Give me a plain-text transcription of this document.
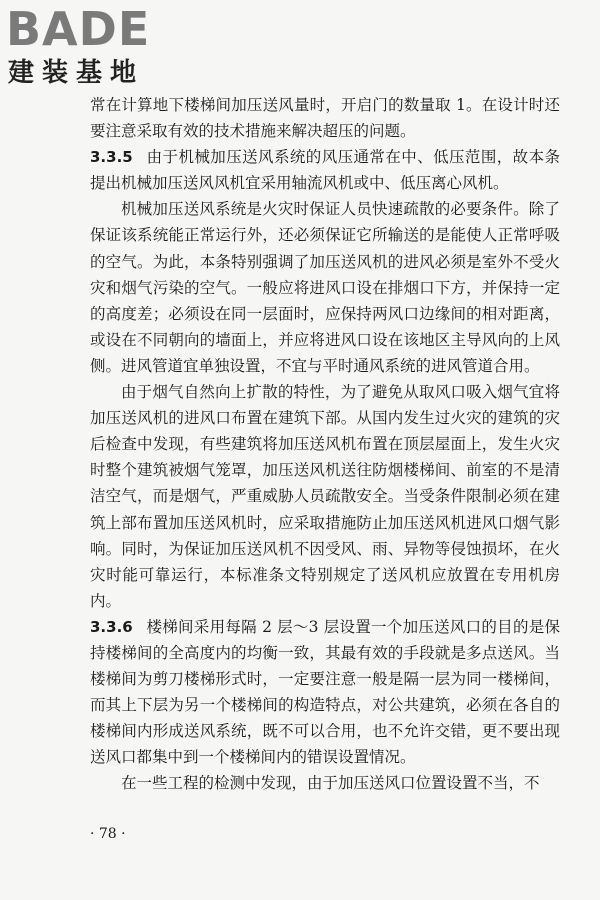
BADE
建装基地

常在计算地下楼梯间加压送风量时，开启门的数量取 1。在设计时还要注意采取有效的技术措施来解决超压的问题。

3.3.5 由于机械加压送风系统的风压通常在中、低压范围，故本条提出机械加压送风风机宜采用轴流风机或中、低压离心风机。

机械加压送风系统是火灾时保证人员快速疏散的必要条件。除了保证该系统能正常运行外，还必须保证它所输送的是能使人正常呼吸的空气。为此，本条特别强调了加压送风机的进风必须是室外不受火灾和烟气污染的空气。一般应将进风口设在排烟口下方，并保持一定的高度差；必须设在同一层面时，应保持两风口边缘间的相对距离，或设在不同朝向的墙面上，并应将进风口设在该地区主导风向的上风侧。进风管道宜单独设置，不宜与平时通风系统的进风管道合用。

由于烟气自然向上扩散的特性，为了避免从取风口吸入烟气宜将加压送风机的进风口布置在建筑下部。从国内发生过火灾的建筑的灾后检查中发现，有些建筑将加压送风机布置在顶层屋面上，发生火灾时整个建筑被烟气笼罩，加压送风机送往防烟楼梯间、前室的不是清洁空气，而是烟气，严重威胁人员疏散安全。当受条件限制必须在建筑上部布置加压送风机时，应采取措施防止加压送风机进风口烟气影响。同时，为保证加压送风机不因受风、雨、异物等侵蚀损坏，在火灾时能可靠运行，本标准条文特别规定了送风机应放置在专用机房内。

3.3.6 楼梯间采用每隔 2 层～3 层设置一个加压送风口的目的是保持楼梯间的全高度内的均衡一致，其最有效的手段就是多点送风。当楼梯间为剪刀楼梯形式时，一定要注意一般是隔一层为同一楼梯间，而其上下层为另一个楼梯间的构造特点，对公共建筑，必须在各自的楼梯间内形成送风系统，既不可以合用，也不允许交错，更不要出现送风口都集中到一个楼梯间内的错误设置情况。

在一些工程的检测中发现，由于加压送风口位置设置不当，不

· 78 ·
